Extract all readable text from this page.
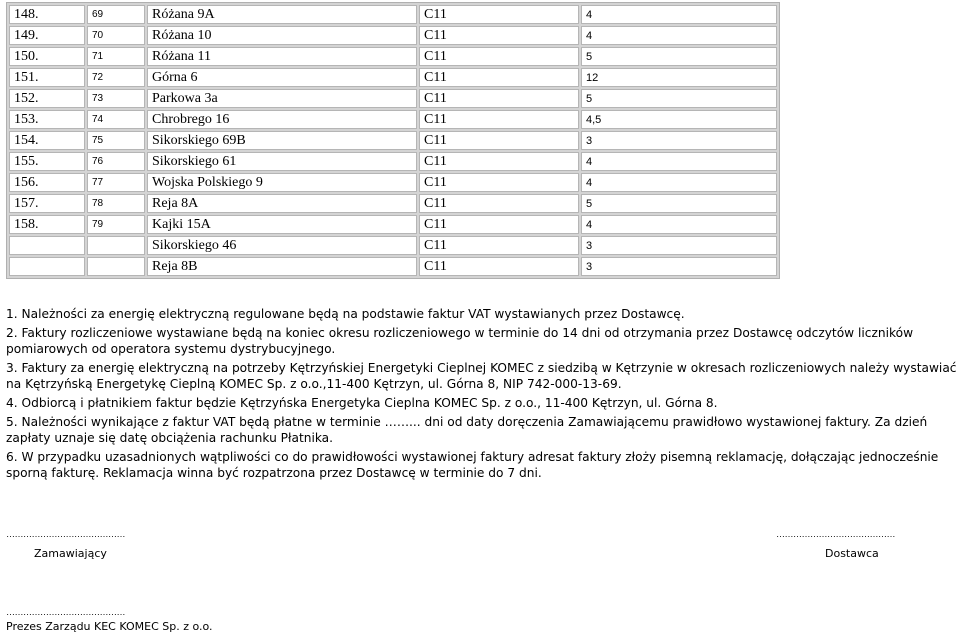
148.	69	Różana 9A	C11	4
149.	70	Różana 10	C11	4
150.	71	Różana 11	C11	5
151.	72	Górna 6	C11	12
152.	73	Parkowa 3a	C11	5
153.	74	Chrobrego 16	C11	4,5
154.	75	Sikorskiego 69B	C11	3
155.	76	Sikorskiego 61	C11	4
156.	77	Wojska Polskiego 9	C11	4
157.	78	Reja 8A	C11	5
158.	79	Kajki 15A	C11	4
		Sikorskiego 46	C11	3
		Reja 8B	C11	3

1. Należności za energię elektryczną regulowane będą na podstawie faktur VAT wystawianych przez Dostawcę.

2. Faktury rozliczeniowe wystawiane będą na koniec okresu rozliczeniowego w terminie do 14 dni od otrzymania przez Dostawcę odczytów liczników pomiarowych od operatora systemu dystrybucyjnego.

3. Faktury za energię elektryczną na potrzeby Kętrzyńskiej Energetyki Cieplnej KOMEC z siedzibą w Kętrzynie w okresach rozliczeniowych należy wystawiać na Kętrzyńską Energetykę Cieplną KOMEC Sp. z o.o.,11-400 Kętrzyn, ul. Górna 8, NIP 742-000-13-69.

4. Odbiorcą i płatnikiem faktur będzie Kętrzyńska Energetyka Cieplna KOMEC Sp. z o.o., 11-400 Kętrzyn, ul. Górna 8.

5. Należności wynikające z faktur VAT będą płatne w terminie ……... dni od daty doręczenia Zamawiającemu prawidłowo wystawionej faktury. Za dzień zapłaty uznaje się datę obciążenia rachunku Płatnika.

6. W przypadku uzasadnionych wątpliwości co do prawidłowości wystawionej faktury adresat faktury złoży pisemną reklamację, dołączając jednocześnie sporną fakturę. Reklamacja winna być rozpatrzona przez Dostawcę w terminie do 7 dni.

……………………………………
Zamawiający
……………………………………
Dostawca
……………………………………
Prezes Zarządu KEC KOMEC Sp. z o.o.
